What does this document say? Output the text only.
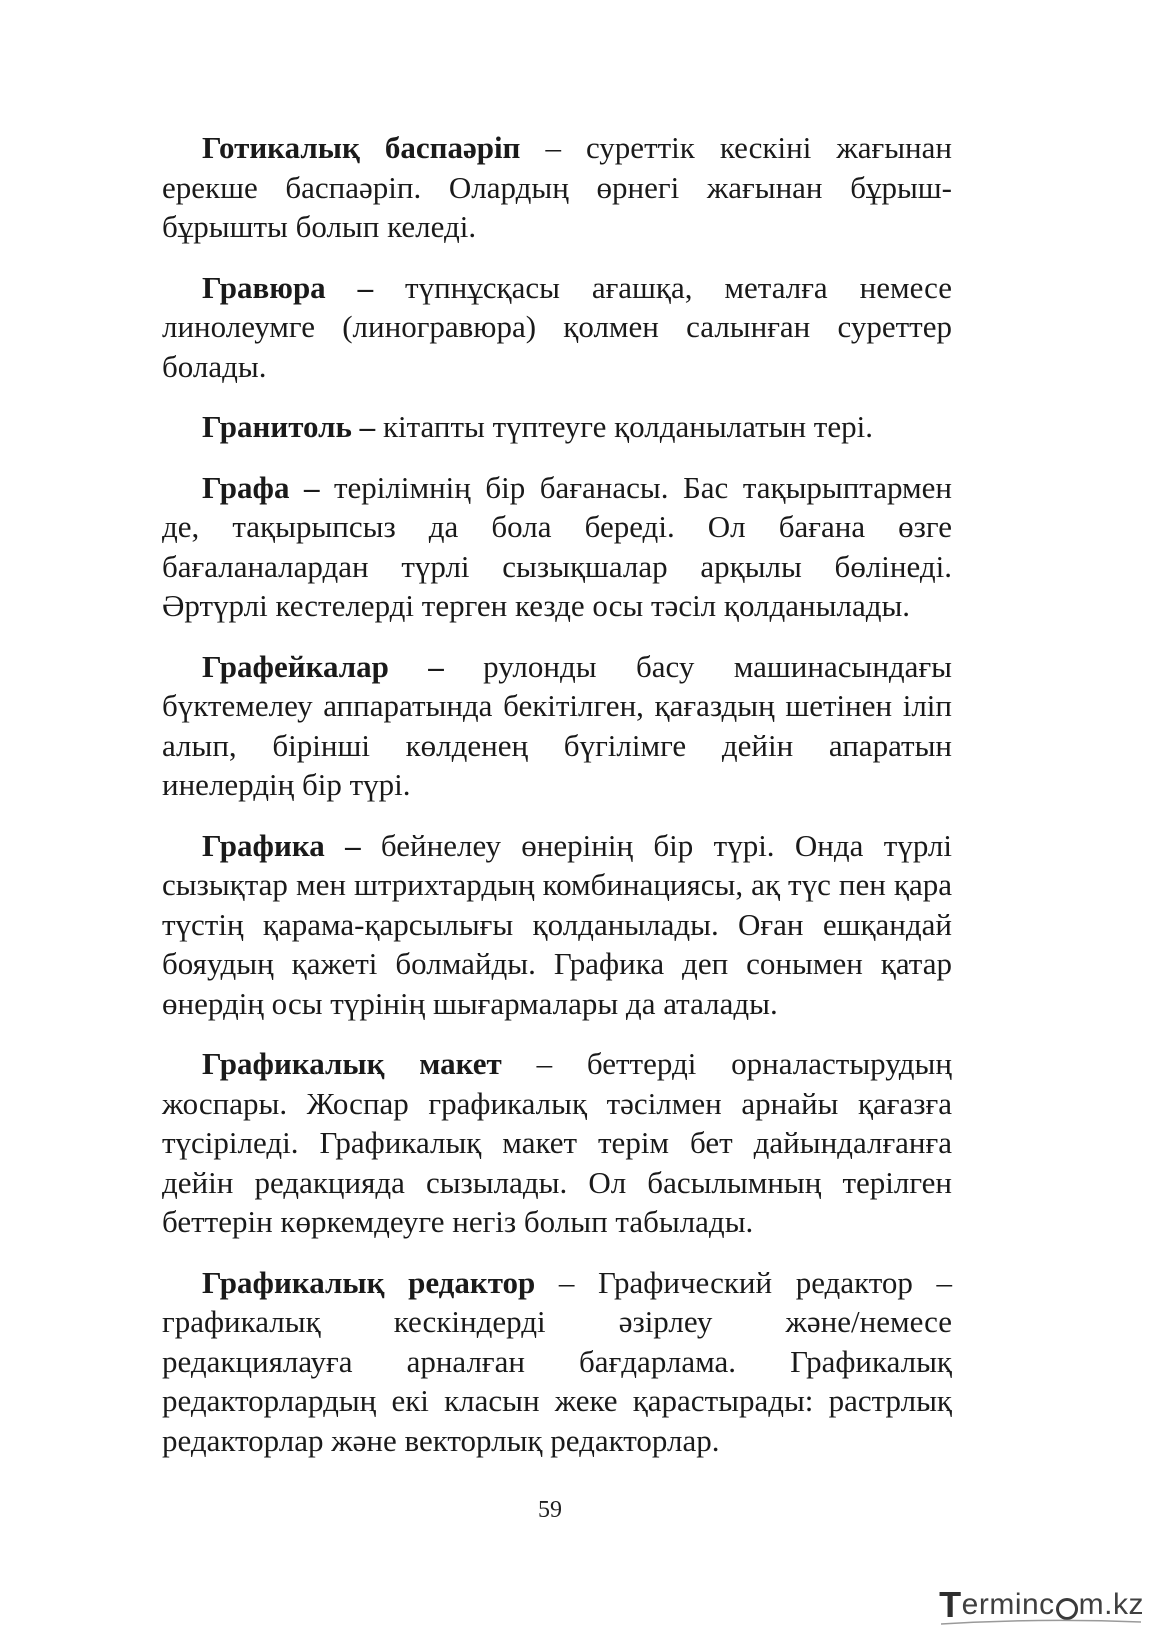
Готикалық баспаәріп – суреттік кескіні жағынан ерекше баспаәріп. Олардың өрнегі жағынан бұрыш-бұрышты болып келеді.

Гравюра – түпнұсқасы ағашқа, металға немесе линолеумге (линогравюра) қолмен салынған суреттер болады.

Гранитоль – кітапты түптеуге қолданылатын тері.

Графа – терілімнің бір бағанасы. Бас тақырыптармен де, тақырыпсыз да бола береді. Ол бағана өзге бағаланалардан түрлі сызықшалар арқылы бөлінеді. Әртүрлі кестелерді терген кезде осы тәсіл қолданылады.

Графейкалар – рулонды басу машинасындағы бүктемелеу аппаратында бекітілген, қағаздың шетінен іліп алып, бірінші көлденең бүгілімге дейін апаратын инелердің бір түрі.

Графика – бейнелеу өнерінің бір түрі. Онда түрлі сызықтар мен штрихтардың комбинациясы, ақ түс пен қара түстің қарама-қарсылығы қолданылады. Оған ешқандай бояудың қажеті болмайды. Графика деп сонымен қатар өнердің осы түрінің шығармалары да аталады.

Графикалық макет – беттерді орналастырудың жоспары. Жоспар графикалық тәсілмен арнайы қағазға түсіріледі. Графикалық макет терім бет дайындалғанға дейін редакцияда сызылады. Ол басылымның терілген беттерін көркемдеуге негіз болып табылады.

Графикалық редактор – Графический редактор – графикалық кескіндерді әзірлеу және/немесе редакциялауға арналған бағдарлама. Графикалық редакторлардың екі класын жеке қарастырады: растрлық редакторлар және векторлық редакторлар.

59
T ermin c m.kz
